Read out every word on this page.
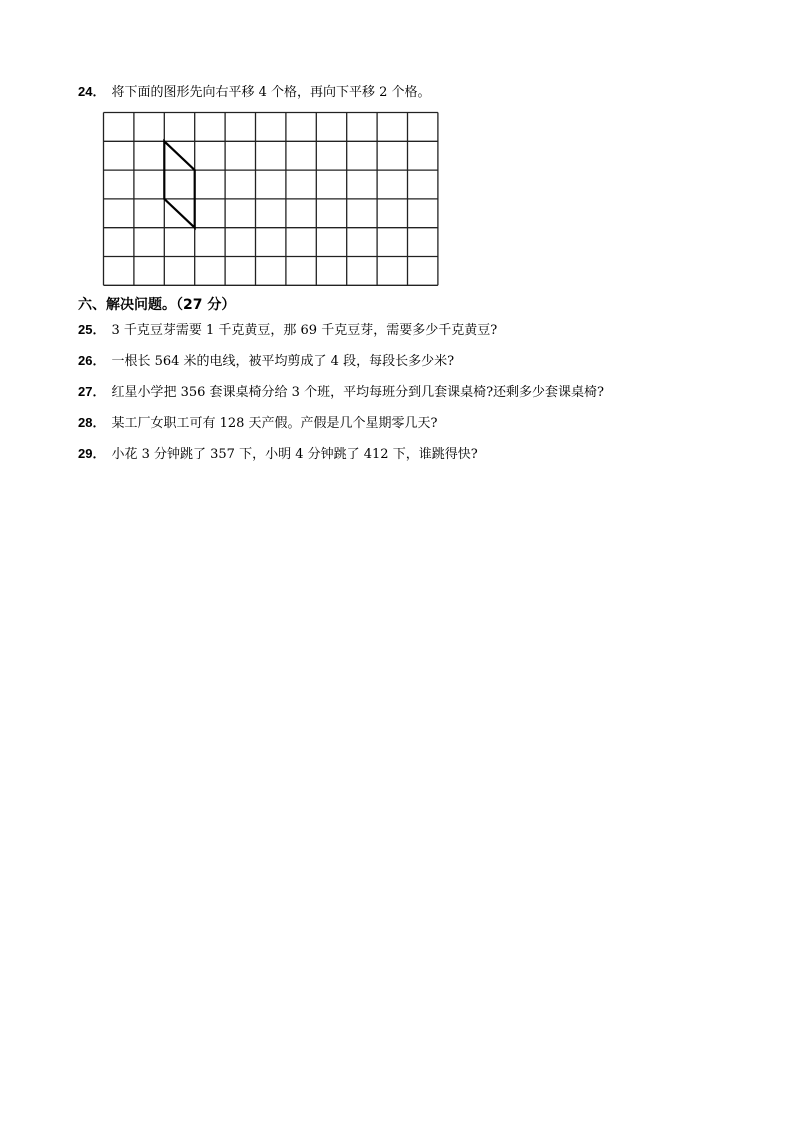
24． 将下面的图形先向右平移 4 个格，再向下平移 2 个格。
六、解决问题。（27 分）
25． 3 千克豆芽需要 1 千克黄豆，那 69 千克豆芽，需要多少千克黄豆?
26． 一根长 564 米的电线，被平均剪成了 4 段，每段长多少米?
27． 红星小学把 356 套课桌椅分给 3 个班，平均每班分到几套课桌椅?还剩多少套课桌椅?
28． 某工厂女职工可有 128 天产假。产假是几个星期零几天?
29． 小花 3 分钟跳了 357 下，小明 4 分钟跳了 412 下，谁跳得快?
